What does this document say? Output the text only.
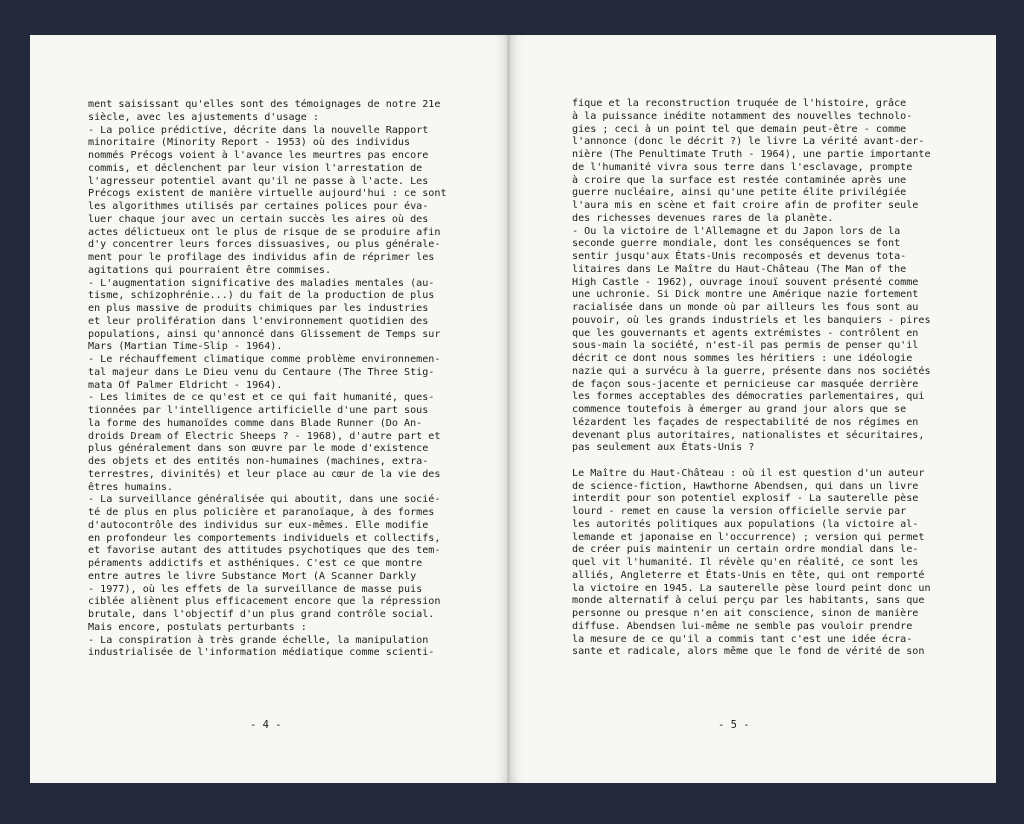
ment saisissant qu'elles sont des témoignages de notre 21e
siècle, avec les ajustements d'usage :
- La police prédictive, décrite dans la nouvelle Rapport
minoritaire (Minority Report - 1953) où des individus
nommés Précogs voient à l'avance les meurtres pas encore
commis, et déclenchent par leur vision l'arrestation de
l'agresseur potentiel avant qu'il ne passe à l'acte. Les
Précogs existent de manière virtuelle aujourd'hui : ce sont
les algorithmes utilisés par certaines polices pour éva-
luer chaque jour avec un certain succès les aires où des
actes délictueux ont le plus de risque de se produire afin
d'y concentrer leurs forces dissuasives, ou plus générale-
ment pour le profilage des individus afin de réprimer les
agitations qui pourraient être commises.
- L'augmentation significative des maladies mentales (au-
tisme, schizophrénie...) du fait de la production de plus
en plus massive de produits chimiques par les industries
et leur prolifération dans l'environnement quotidien des
populations, ainsi qu'annoncé dans Glissement de Temps sur
Mars (Martian Time-Slip - 1964).
- Le réchauffement climatique comme problème environnemen-
tal majeur dans Le Dieu venu du Centaure (The Three Stig-
mata Of Palmer Eldricht - 1964).
- Les limites de ce qu'est et ce qui fait humanité, ques-
tionnées par l'intelligence artificielle d'une part sous
la forme des humanoïdes comme dans Blade Runner (Do An-
droids Dream of Electric Sheeps ? - 1968), d'autre part et
plus généralement dans son œuvre par le mode d'existence
des objets et des entités non-humaines (machines, extra-
terrestres, divinités) et leur place au cœur de la vie des
êtres humains.
- La surveillance généralisée qui aboutit, dans une socié-
té de plus en plus policière et paranoïaque, à des formes
d'autocontrôle des individus sur eux-mêmes. Elle modifie
en profondeur les comportements individuels et collectifs,
et favorise autant des attitudes psychotiques que des tem-
péraments addictifs et asthéniques. C'est ce que montre
entre autres le livre Substance Mort (A Scanner Darkly
- 1977), où les effets de la surveillance de masse puis
ciblée aliènent plus efficacement encore que la répression
brutale, dans l'objectif d'un plus grand contrôle social.
Mais encore, postulats perturbants :
- La conspiration à très grande échelle, la manipulation
industrialisée de l'information médiatique comme scienti-
- 4 -
fique et la reconstruction truquée de l'histoire, grâce
à la puissance inédite notamment des nouvelles technolo-
gies ; ceci à un point tel que demain peut-être - comme
l'annonce (donc le décrit ?) le livre La vérité avant-der-
nière (The Penultimate Truth - 1964), une partie importante
de l'humanité vivra sous terre dans l'esclavage, prompte
à croire que la surface est restée contaminée après une
guerre nucléaire, ainsi qu'une petite élite privilégiée
l'aura mis en scène et fait croire afin de profiter seule
des richesses devenues rares de la planète.
- Ou la victoire de l'Allemagne et du Japon lors de la
seconde guerre mondiale, dont les conséquences se font
sentir jusqu'aux États-Unis recomposés et devenus tota-
litaires dans Le Maître du Haut-Château (The Man of the
High Castle - 1962), ouvrage inouï souvent présenté comme
une uchronie. Si Dick montre une Amérique nazie fortement
racialisée dans un monde où par ailleurs les fous sont au
pouvoir, où les grands industriels et les banquiers - pires
que les gouvernants et agents extrémistes - contrôlent en
sous-main la société, n'est-il pas permis de penser qu'il
décrit ce dont nous sommes les héritiers : une idéologie
nazie qui a survécu à la guerre, présente dans nos sociétés
de façon sous-jacente et pernicieuse car masquée derrière
les formes acceptables des démocraties parlementaires, qui
commence toutefois à émerger au grand jour alors que se
lézardent les façades de respectabilité de nos régimes en
devenant plus autoritaires, nationalistes et sécuritaires,
pas seulement aux États-Unis ?
Le Maître du Haut-Château : où il est question d'un auteur
de science-fiction, Hawthorne Abendsen, qui dans un livre
interdit pour son potentiel explosif - La sauterelle pèse
lourd - remet en cause la version officielle servie par
les autorités politiques aux populations (la victoire al-
lemande et japonaise en l'occurrence) ; version qui permet
de créer puis maintenir un certain ordre mondial dans le-
quel vit l'humanité. Il révèle qu'en réalité, ce sont les
alliés, Angleterre et États-Unis en tête, qui ont remporté
la victoire en 1945. La sauterelle pèse lourd peint donc un
monde alternatif à celui perçu par les habitants, sans que
personne ou presque n'en ait conscience, sinon de manière
diffuse. Abendsen lui-même ne semble pas vouloir prendre
la mesure de ce qu'il a commis tant c'est une idée écra-
sante et radicale, alors même que le fond de vérité de son
- 5 -
